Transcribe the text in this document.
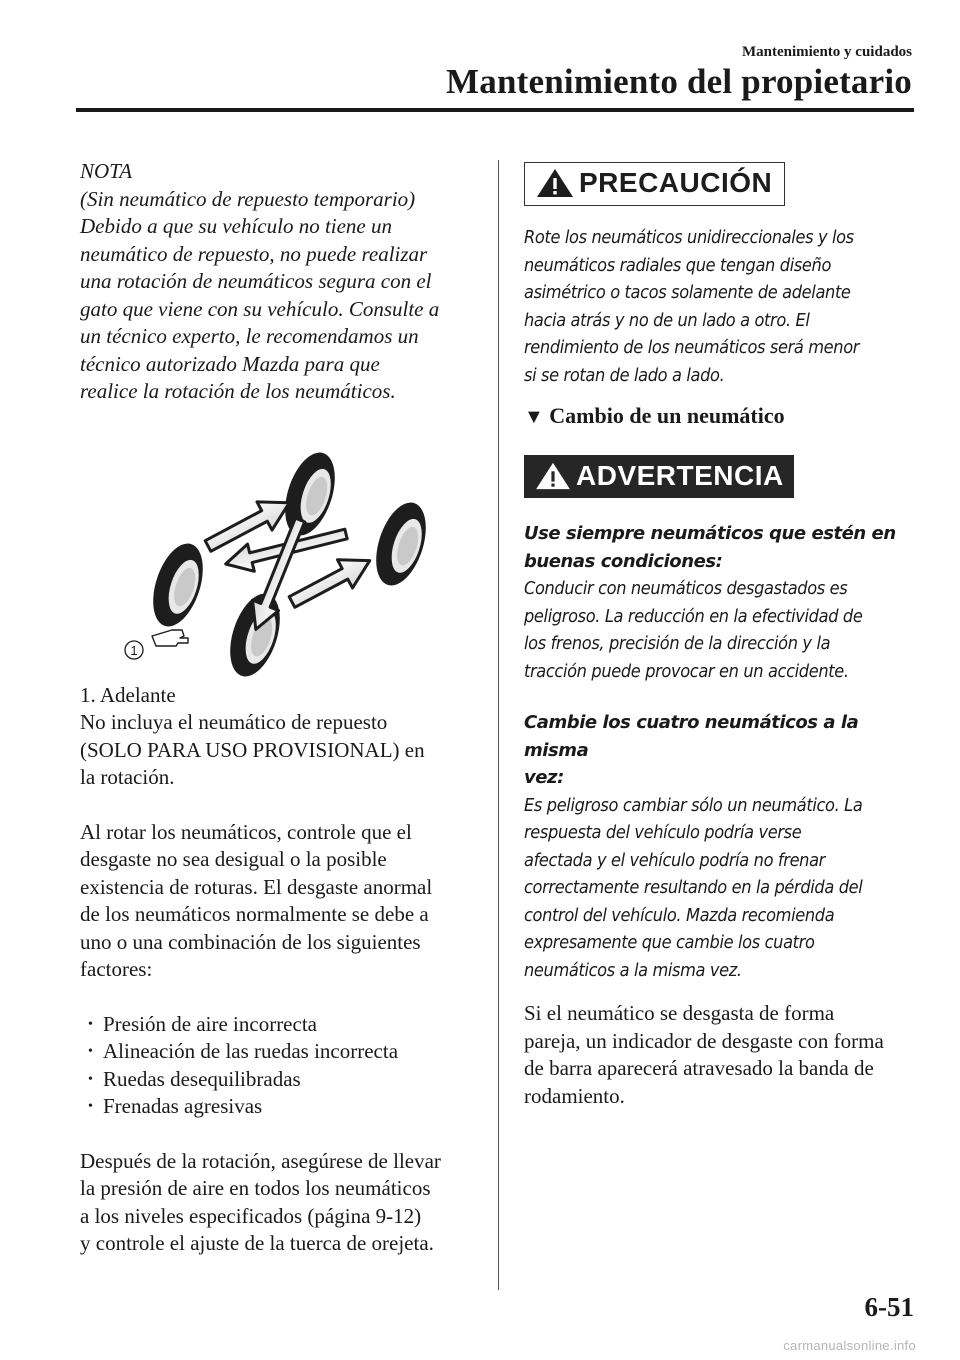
Mantenimiento y cuidados
Mantenimiento del propietario
NOTA
(Sin neumático de repuesto temporario)
Debido a que su vehículo no tiene un
neumático de repuesto, no puede realizar
una rotación de neumáticos segura con el
gato que viene con su vehículo. Consulte a
un técnico experto, le recomendamos un
técnico autorizado Mazda para que
realice la rotación de los neumáticos.
1
1. Adelante
No incluya el neumático de repuesto
(SOLO PARA USO PROVISIONAL) en
la rotación.
Al rotar los neumáticos, controle que el
desgaste no sea desigual o la posible
existencia de roturas. El desgaste anormal
de los neumáticos normalmente se debe a
uno o una combinación de los siguientes
factores:
• Presión de aire incorrecta
• Alineación de las ruedas incorrecta
• Ruedas desequilibradas
• Frenadas agresivas
Después de la rotación, asegúrese de llevar
la presión de aire en todos los neumáticos
a los niveles especificados (página 9-12)
y controle el ajuste de la tuerca de orejeta.
PRECAUCIÓN
Rote los neumáticos unidireccionales y los
neumáticos radiales que tengan diseño
asimétrico o tacos solamente de adelante
hacia atrás y no de un lado a otro. El
rendimiento de los neumáticos será menor
si se rotan de lado a lado.
▼ Cambio de un neumático
ADVERTENCIA
Use siempre neumáticos que estén en
buenas condiciones:
Conducir con neumáticos desgastados es
peligroso. La reducción en la efectividad de
los frenos, precisión de la dirección y la
tracción puede provocar en un accidente.
Cambie los cuatro neumáticos a la misma
vez:
Es peligroso cambiar sólo un neumático. La
respuesta del vehículo podría verse
afectada y el vehículo podría no frenar
correctamente resultando en la pérdida del
control del vehículo. Mazda recomienda
expresamente que cambie los cuatro
neumáticos a la misma vez.
Si el neumático se desgasta de forma
pareja, un indicador de desgaste con forma
de barra aparecerá atravesado la banda de
rodamiento.
6-51
carmanualsonline.info
